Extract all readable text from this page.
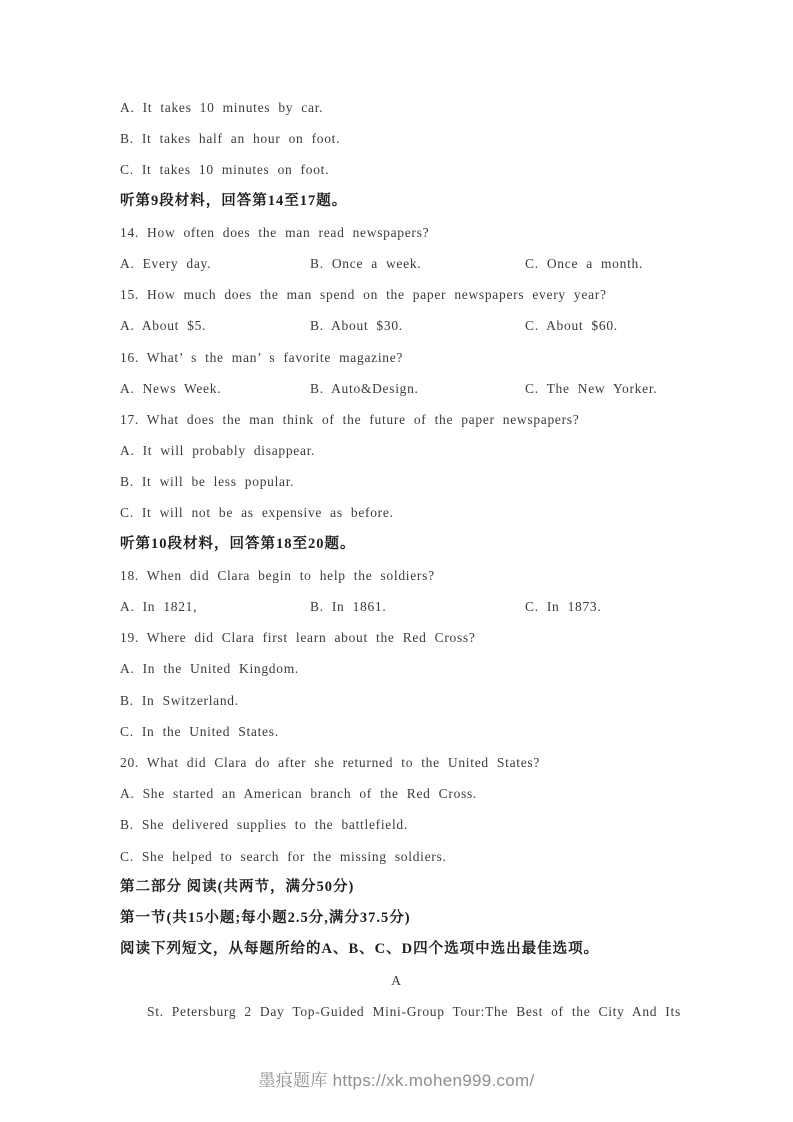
A. It takes 10 minutes by car.
B. It takes half an hour on foot.
C. It takes 10 minutes on foot.
听第9段材料，回答第14至17题。
14. How often does the man read newspapers?
A. Every day.	B. Once a week.	C. Once a month.
15. How much does the man spend on the paper newspapers every year?
A. About $5.	B. About $30.	C. About $60.
16. What’ s the man’ s favorite magazine?
A. News Week.	B. Auto&Design.	C. The New Yorker.
17. What does the man think of the future of the paper newspapers?
A. It will probably disappear.
B. It will be less popular.
C. It will not be as expensive as before.
听第10段材料，回答第18至20题。
18. When did Clara begin to help the soldiers?
A. In 1821,	B. In 1861.	C. In 1873.
19. Where did Clara first learn about the Red Cross?
A. In the United Kingdom.
B. In Switzerland.
C. In the United States.
20. What did Clara do after she returned to the United States?
A. She started an American branch of the Red Cross.
B. She delivered supplies to the battlefield.
C. She helped to search for the missing soldiers.
第二部分 阅读(共两节，满分50分)
第一节(共15小题;每小题2.5分,满分37.5分)
阅读下列短文，从每题所给的A、B、C、D四个选项中选出最佳选项。
A
St. Petersburg 2 Day Top-Guided Mini-Group Tour:The Best of the City And Its
墨痕题库 https://xk.mohen999.com/
